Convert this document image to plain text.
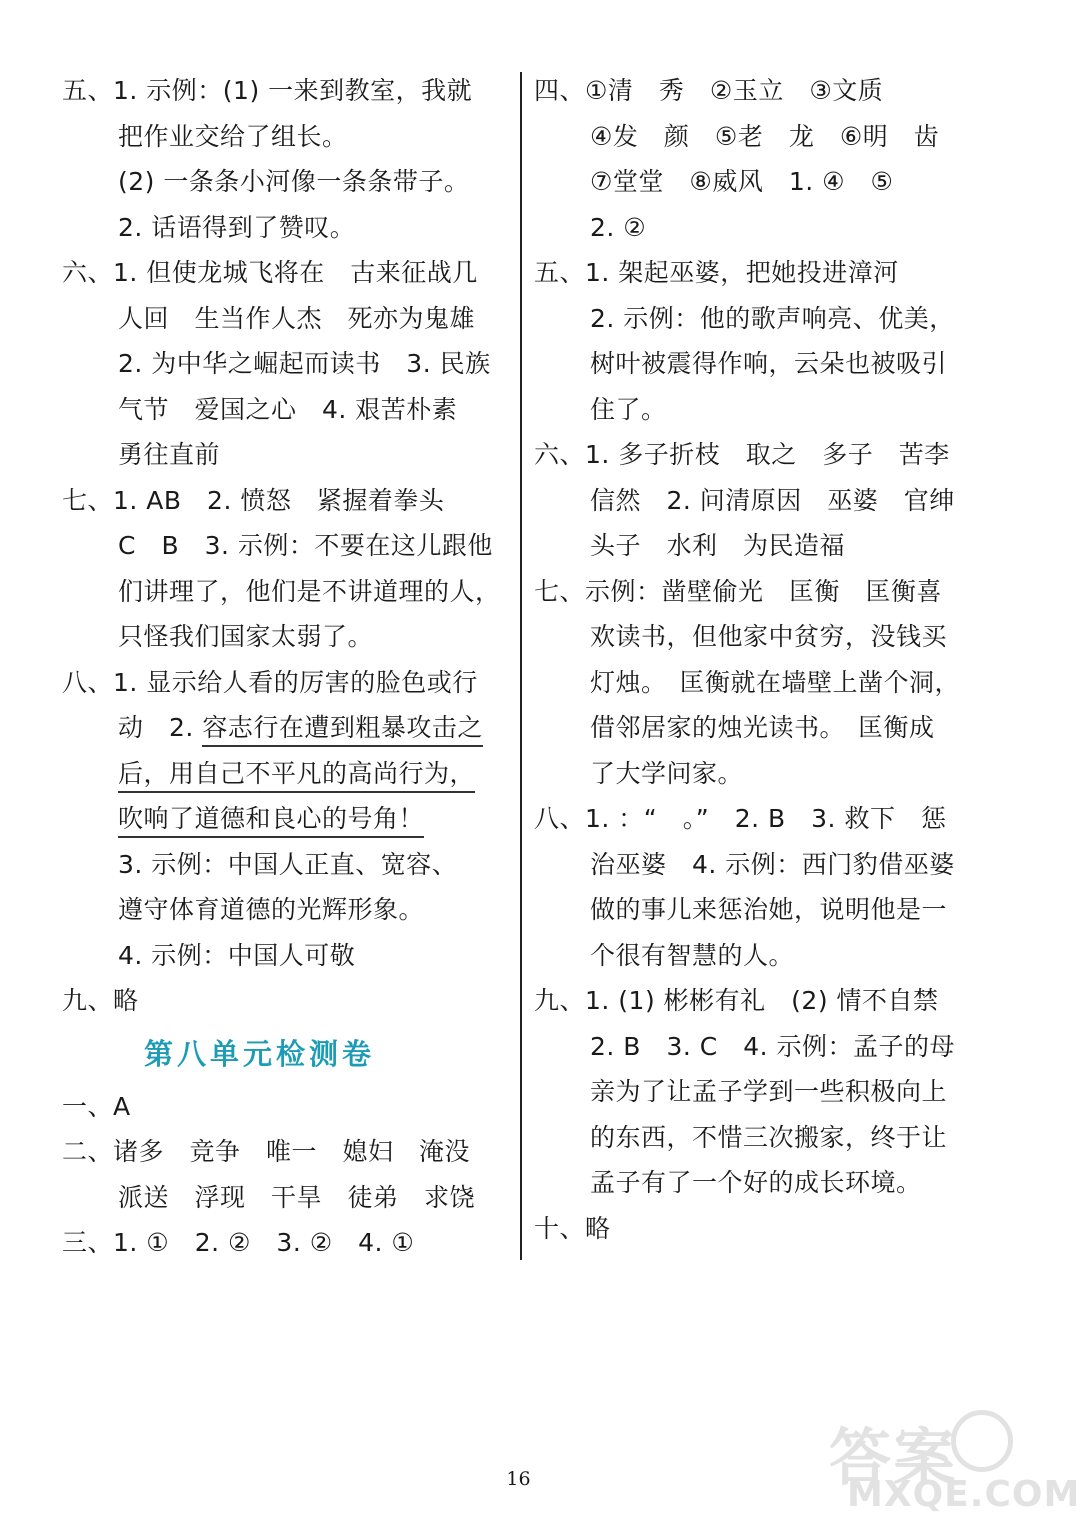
五、1. 示例：(1) 一来到教室，我就
把作业交给了组长。
(2) 一条条小河像一条条带子。
2. 话语得到了赞叹。
六、1. 但使龙城飞将在　古来征战几
人回　生当作人杰　死亦为鬼雄
2. 为中华之崛起而读书　3. 民族
气节　爱国之心　4. 艰苦朴素
勇往直前
七、1. AB　2. 愤怒　紧握着拳头
C　B　3. 示例：不要在这儿跟他
们讲理了，他们是不讲道理的人，
只怪我们国家太弱了。
八、1. 显示给人看的厉害的脸色或行
动　2. 容志行在遭到粗暴攻击之
后，用自己不平凡的高尚行为，
吹响了道德和良心的号角！
3. 示例：中国人正直、宽容、
遵守体育道德的光辉形象。
4. 示例：中国人可敬
九、略
第八单元检测卷
一、A
二、诸多　竞争　唯一　媳妇　淹没
派送　浮现　干旱　徒弟　求饶
三、1. ①　2. ②　3. ②　4. ①
四、①清　秀　②玉立　③文质
④发　颜　⑤老　龙　⑥明　齿
⑦堂堂　⑧威风　1. ④　⑤
2. ②
五、1. 架起巫婆，把她投进漳河
2. 示例：他的歌声响亮、优美，
树叶被震得作响，云朵也被吸引
住了。
六、1. 多子折枝　取之　多子　苦李
信然　2. 问清原因　巫婆　官绅
头子　水利　为民造福
七、示例：凿壁偷光　匡衡　匡衡喜
欢读书，但他家中贫穷，没钱买
灯烛。　匡衡就在墙壁上凿个洞，
借邻居家的烛光读书。　匡衡成
了大学问家。
八、1. ：“　。”　2. B　3. 救下　惩
治巫婆　4. 示例：西门豹借巫婆
做的事儿来惩治她，说明他是一
个很有智慧的人。
九、1. (1) 彬彬有礼　(2) 情不自禁
2. B　3. C　4. 示例：孟子的母
亲为了让孟子学到一些积极向上
的东西，不惜三次搬家，终于让
孟子有了一个好的成长环境。
十、略
16	答案
MXQE.COM
